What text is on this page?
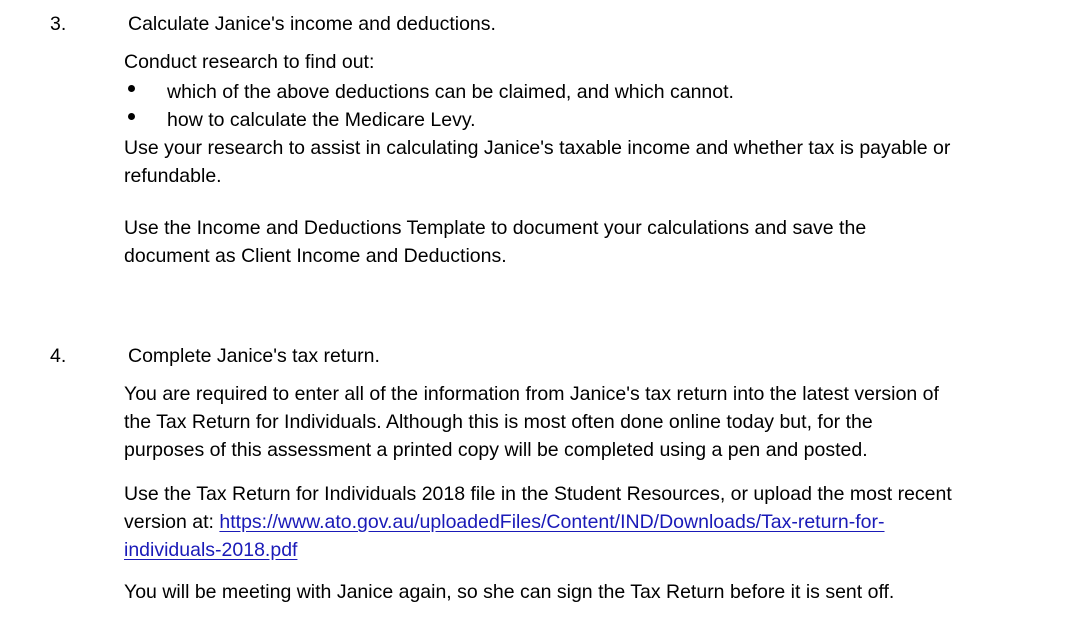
3.	Calculate Janice's income and deductions.
Conduct research to find out:
which of the above deductions can be claimed, and which cannot.
how to calculate the Medicare Levy.
Use your research to assist in calculating Janice's taxable income and whether tax is payable or
refundable.
Use the Income and Deductions Template to document your calculations and save the
document as Client Income and Deductions.
4.	Complete Janice's tax return.
You are required to enter all of the information from Janice's tax return into the latest version of
the Tax Return for Individuals. Although this is most often done online today but, for the
purposes of this assessment a printed copy will be completed using a pen and posted.
Use the Tax Return for Individuals 2018 file in the Student Resources, or upload the most recent
version at: https://www.ato.gov.au/uploadedFiles/Content/IND/Downloads/Tax-return-for-
individuals-2018.pdf
You will be meeting with Janice again, so she can sign the Tax Return before it is sent off.
